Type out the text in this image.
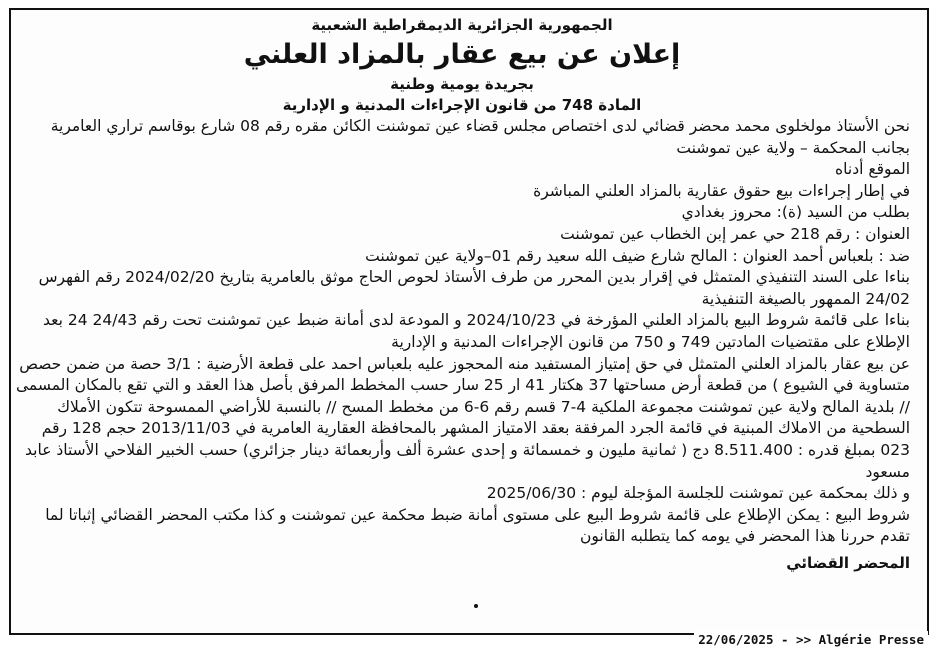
الجمهورية الجزائرية الديمقراطية الشعبية
إعلان عن بيع عقار بالمزاد العلني
بجريدة يومية وطنية
المادة 748 من قانون الإجراءات المدنية و الإدارية

نحن الأستاذ مولخلوى محمد محضر قضائي لدى اختصاص مجلس قضاء عين تموشنت الكائن مقره رقم 08 شارع بوقاسم تراري العامرية بجانب المحكمة – ولاية عين تموشنت

الموقع أدناه

في إطار إجراءات بيع حقوق عقارية بالمزاد العلني المباشرة

بطلب من السيد (ة): محروز بغدادي

العنوان : رقم 218 حي عمر إبن الخطاب عين تموشنت

ضد : بلعباس أحمد العنوان : المالح شارع ضيف الله سعيد رقم 01–ولاية عين تموشنت

بناءا على السند التنفيذي المتمثل في إقرار بدين المحرر من طرف الأستاذ لحوص الحاج موثق بالعامرية بتاريخ 2024/02/20 رقم الفهرس 24/02 الممهور بالصيغة التنفيذية

بناءا على قائمة شروط البيع بالمزاد العلني المؤرخة في 2024/10/23 و المودعة لدى أمانة ضبط عين تموشنت تحت رقم 24/43 24 بعد الإطلاع على مقتضيات المادتين 749 و 750 من قانون الإجراءات المدنية و الإدارية

عن بيع عقار بالمزاد العلني المتمثل في حق إمتياز المستفيد منه المحجوز عليه بلعباس احمد على قطعة الأرضية : 3/1 حصة من ضمن حصص متساوية في الشيوع ) من قطعة أرض مساحتها 37 هكتار 41 ار 25 سار حسب المخطط المرفق بأصل هذا العقد و التي تقع بالمكان المسمى // بلدية المالح ولاية عين تموشنت مجموعة الملكية 4-7 قسم رقم 6-6 من مخطط المسح // بالنسبة للأراضي الممسوحة تتكون الأملاك السطحية من الاملاك المبنية في قائمة الجرد المرفقة بعقد الامتياز المشهر بالمحافظة العقارية العامرية في 2013/11/03 حجم 128 رقم 023 بمبلغ قدره : 8.511.400 دج ( ثمانية مليون و خمسمائة و إحدى عشرة ألف وأربعمائة دينار جزائري) حسب الخبير الفلاحي الأستاذ عابد مسعود

و ذلك بمحكمة عين تموشنت للجلسة المؤجلة ليوم : 2025/06/30

شروط البيع : يمكن الإطلاع على قائمة شروط البيع على مستوى أمانة ضبط محكمة عين تموشنت و كذا مكتب المحضر القضائي إثباتا لما تقدم حررنا هذا المحضر في يومه كما يتطلبه القانون

المحضر القضائي
22/06/2025 - >> Algérie Presse
